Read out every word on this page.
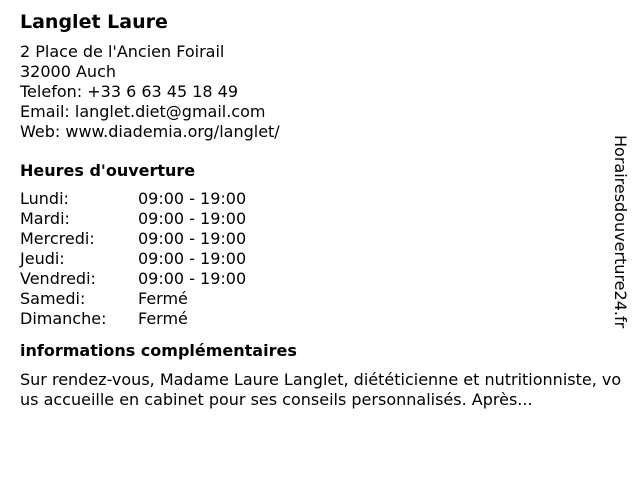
Langlet Laure
2 Place de l'Ancien Foirail
32000 Auch
Telefon: +33 6 63 45 18 49
Email: langlet.diet@gmail.com
Web: www.diademia.org/langlet/
Heures d'ouverture
Lundi:	09:00 - 19:00
Mardi:	09:00 - 19:00
Mercredi:	09:00 - 19:00
Jeudi:	09:00 - 19:00
Vendredi:	09:00 - 19:00
Samedi:	Fermé
Dimanche:	Fermé
informations complémentaires
Sur rendez-vous, Madame Laure Langlet, diététicienne et nutritionniste, vous accueille en cabinet pour ses conseils personnalisés. Après...
Horairesdouverture24.fr
